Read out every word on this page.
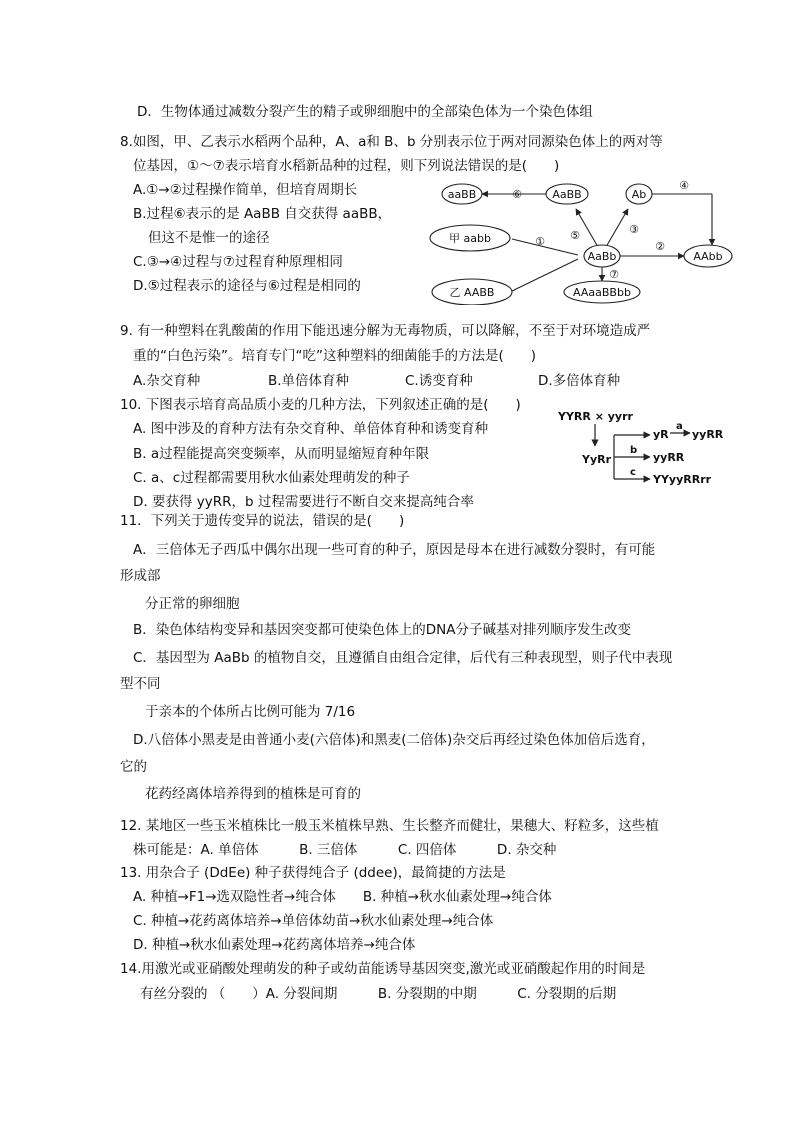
D．生物体通过减数分裂产生的精子或卵细胞中的全部染色体为一个染色体组
8.如图，甲、乙表示水稻两个品种，A、a和 B、b 分别表示位于两对同源染色体上的两对等
位基因，①～⑦表示培育水稻新品种的过程，则下列说法错误的是(　　)
A.①→②过程操作简单，但培育周期长
B.过程⑥表示的是 AaBB 自交获得 aaBB，
但这不是惟一的途径
C.③→④过程与⑦过程育种原理相同
D.⑤过程表示的途径与⑥过程是相同的
aaBB	AaBB	Ab
甲 aabb
AaBb	AAbb
乙 AABB	AAaaBBbb
⑥
④
① ⑤	③
②
⑦
9. 有一种塑料在乳酸菌的作用下能迅速分解为无毒物质，可以降解，不至于对环境造成严
重的“白色污染”。培育专门“吃”这种塑料的细菌能手的方法是(　　)
A.杂交育种	B.单倍体育种	C.诱变育种	D.多倍体育种
10. 下图表示培育高品质小麦的几种方法，下列叙述正确的是(　　)
A. 图中涉及的育种方法有杂交育种、单倍体育种和诱变育种
B. a过程能提高突变频率，从而明显缩短育种年限
C. a、c过程都需要用秋水仙素处理萌发的种子
D. 要获得 yyRR，b 过程需要进行不断自交来提高纯合率
YYRR × yyrr
YyRr
yR yyRR
yyRR
YYyyRRrr
a
b
c
11．下列关于遗传变异的说法，错误的是(　　)
A．三倍体无子西瓜中偶尔出现一些可育的种子，原因是母本在进行减数分裂时，有可能
形成部
分正常的卵细胞
B．染色体结构变异和基因突变都可使染色体上的DNA分子碱基对排列顺序发生改变
C．基因型为 AaBb 的植物自交，且遵循自由组合定律，后代有三种表现型，则子代中表现
型不同
于亲本的个体所占比例可能为 7/16
D.八倍体小黑麦是由普通小麦(六倍体)和黑麦(二倍体)杂交后再经过染色体加倍后选育，
它的
花药经离体培养得到的植株是可育的
12. 某地区一些玉米植株比一般玉米植株早熟、生长整齐而健壮，果穗大、籽粒多，这些植
株可能是：A. 单倍体　　　B. 三倍体　　　C. 四倍体　　　D. 杂交种
13. 用杂合子 (DdEe) 种子获得纯合子 (ddee)，最简捷的方法是
A. 种植→F1→选双隐性者→纯合体　　B. 种植→秋水仙素处理→纯合体
C. 种植→花药离体培养→单倍体幼苗→秋水仙素处理→纯合体
D. 种植→秋水仙素处理→花药离体培养→纯合体
14.用激光或亚硝酸处理萌发的种子或幼苗能诱导基因突变,激光或亚硝酸起作用的时间是
有丝分裂的 （　　）A. 分裂间期　　　B. 分裂期的中期　　　C. 分裂期的后期
